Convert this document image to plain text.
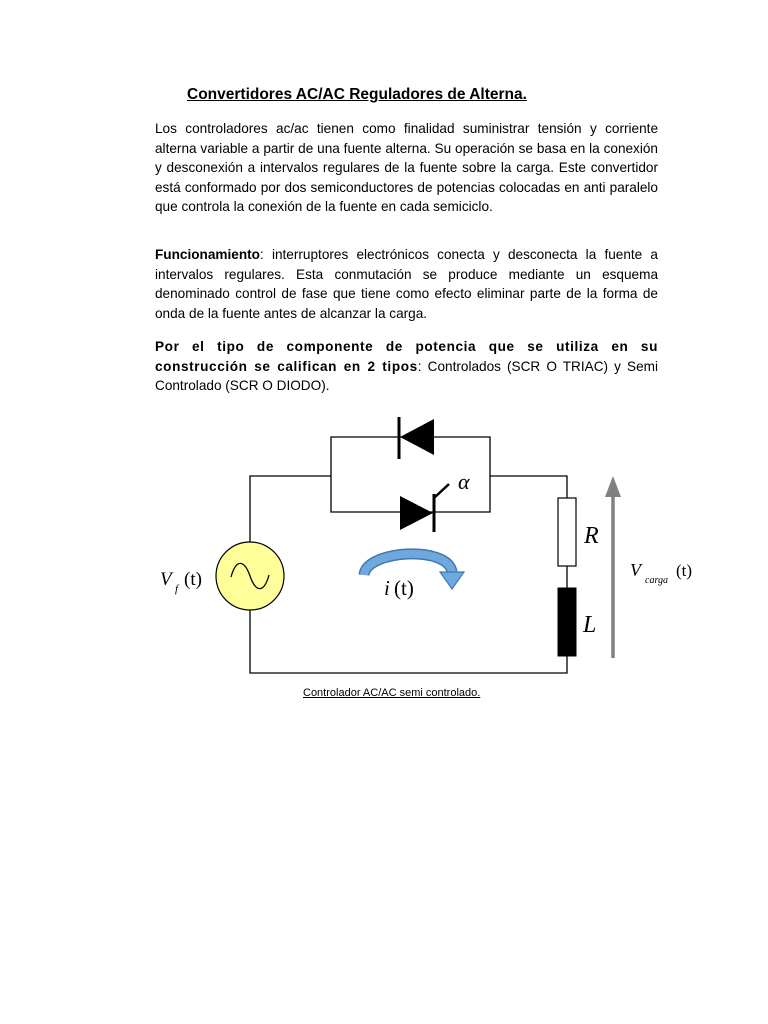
Convertidores AC/AC Reguladores de Alterna.
Los controladores ac/ac tienen como finalidad suministrar tensión y corriente alterna variable a partir de una fuente alterna. Su operación se basa en la conexión y desconexión a intervalos regulares de la fuente sobre la carga. Este convertidor está conformado por dos semiconductores de potencias colocadas en anti paralelo que controla la conexión de la fuente en cada semiciclo.
Funcionamiento: interruptores electrónicos conecta y desconecta la fuente a intervalos regulares. Esta conmutación se produce mediante un esquema denominado control de fase que tiene como efecto eliminar parte de la forma de onda de la fuente antes de alcanzar la carga.
Por el tipo de componente de potencia que se utiliza en su construcción se califican en 2 tipos: Controlados (SCR O TRIAC) y Semi Controlado (SCR O DIODO).
α
R
L
V f (t)	i (t)
V
carga
(t)
Controlador AC/AC semi controlado.
